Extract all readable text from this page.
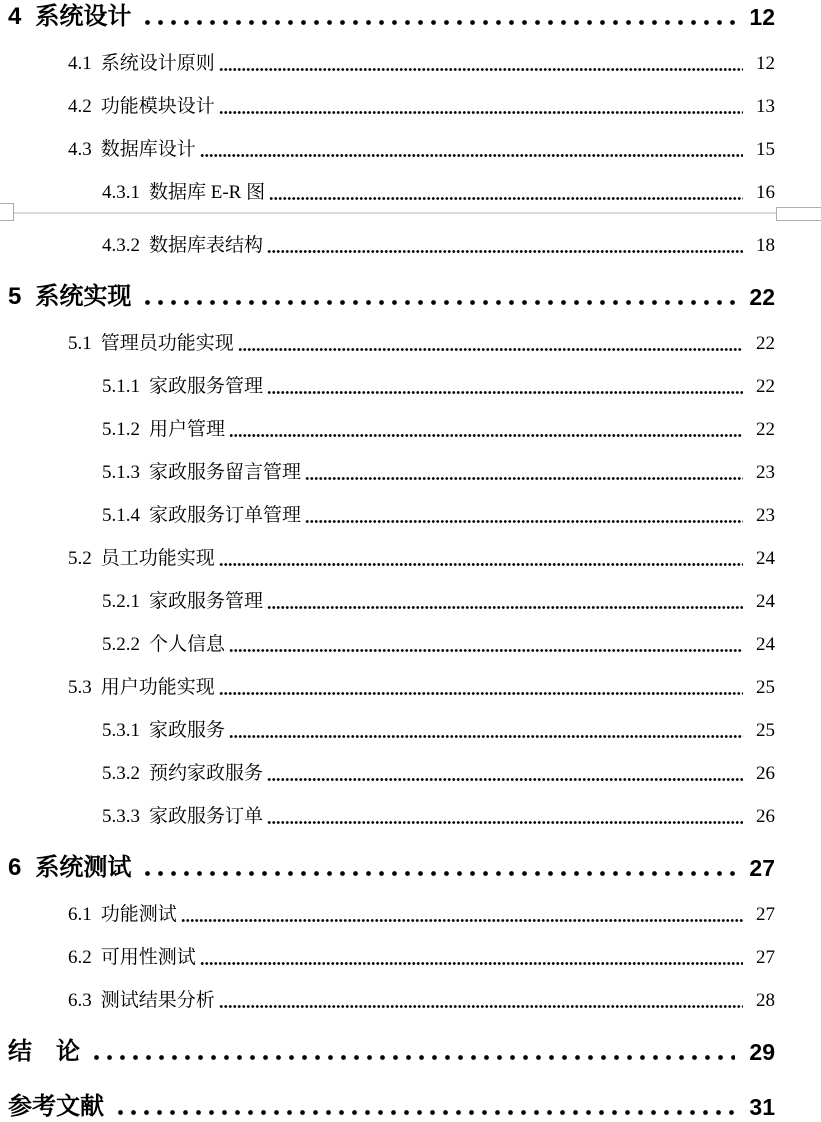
4 系统设计	12
4.1 系统设计原则	12
4.2 功能模块设计	13
4.3 数据库设计	15
4.3.1 数据库 E-R 图	16
4.3.2 数据库表结构	18
5 系统实现	22
5.1 管理员功能实现	22
5.1.1 家政服务管理	22
5.1.2 用户管理	22
5.1.3 家政服务留言管理	23
5.1.4 家政服务订单管理	23
5.2 员工功能实现	24
5.2.1 家政服务管理	24
5.2.2 个人信息	24
5.3 用户功能实现	25
5.3.1 家政服务	25
5.3.2 预约家政服务	26
5.3.3 家政服务订单	26
6 系统测试	27
6.1 功能测试	27
6.2 可用性测试	27
6.3 测试结果分析	28
结　论	29
参考文献	31
